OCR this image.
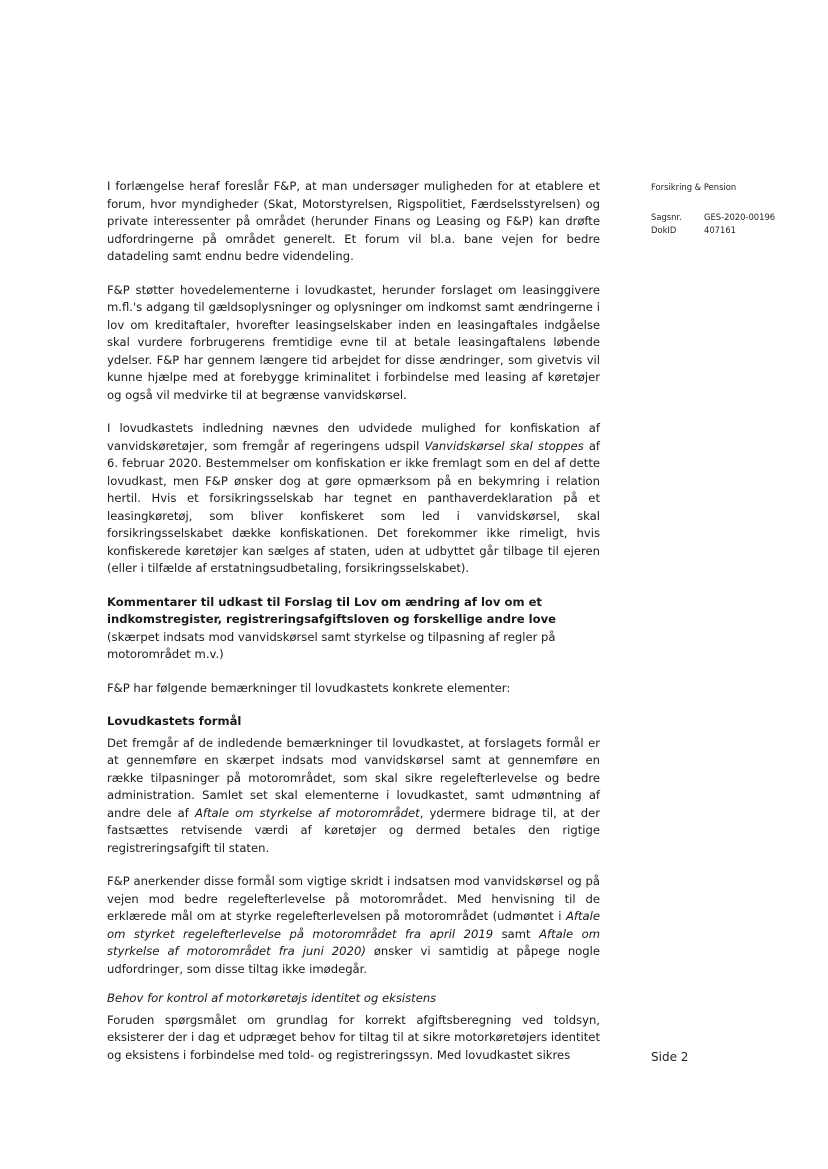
I forlængelse heraf foreslår F&P, at man undersøger muligheden for at etablere et forum, hvor myndigheder (Skat, Motorstyrelsen, Rigspolitiet, Færdselsstyrelsen) og private interessenter på området (herunder Finans og Leasing og F&P) kan drøfte udfordringerne på området generelt. Et forum vil bl.a. bane vejen for bedre datadeling samt endnu bedre videndeling.

F&P støtter hovedelementerne i lovudkastet, herunder forslaget om leasinggivere m.fl.'s adgang til gældsoplysninger og oplysninger om indkomst samt ændringerne i lov om kreditaftaler, hvorefter leasingselskaber inden en leasingaftales indgåelse skal vurdere forbrugerens fremtidige evne til at betale leasingaftalens løbende ydelser. F&P har gennem længere tid arbejdet for disse ændringer, som givetvis vil kunne hjælpe med at forebygge kriminalitet i forbindelse med leasing af køretøjer og også vil medvirke til at begrænse vanvidskørsel.

I lovudkastets indledning nævnes den udvidede mulighed for konfiskation af vanvidskøretøjer, som fremgår af regeringens udspil Vanvidskørsel skal stoppes af 6. februar 2020. Bestemmelser om konfiskation er ikke fremlagt som en del af dette lovudkast, men F&P ønsker dog at gøre opmærksom på en bekymring i relation hertil. Hvis et forsikringsselskab har tegnet en panthaverdeklaration på et leasingkøretøj, som bliver konfiskeret som led i vanvidskørsel, skal forsikringsselskabet dække konfiskationen. Det forekommer ikke rimeligt, hvis konfiskerede køretøjer kan sælges af staten, uden at udbyttet går tilbage til ejeren (eller i tilfælde af erstatningsudbetaling, forsikringsselskabet).

Kommentarer til udkast til Forslag til Lov om ændring af lov om et indkomstregister, registreringsafgiftsloven og forskellige andre love (skærpet indsats mod vanvidskørsel samt styrkelse og tilpasning af regler på motorområdet m.v.)

F&P har følgende bemærkninger til lovudkastets konkrete elementer:

Lovudkastets formål

Det fremgår af de indledende bemærkninger til lovudkastet, at forslagets formål er at gennemføre en skærpet indsats mod vanvidskørsel samt at gennemføre en række tilpasninger på motorområdet, som skal sikre regelefterlevelse og bedre administration. Samlet set skal elementerne i lovudkastet, samt udmøntning af andre dele af Aftale om styrkelse af motorområdet, ydermere bidrage til, at der fastsættes retvisende værdi af køretøjer og dermed betales den rigtige registreringsafgift til staten.

F&P anerkender disse formål som vigtige skridt i indsatsen mod vanvidskørsel og på vejen mod bedre regelefterlevelse på motorområdet. Med henvisning til de erklærede mål om at styrke regelefterlevelsen på motorområdet (udmøntet i Aftale om styrket regelefterlevelse på motorområdet fra april 2019 samt Aftale om styrkelse af motorområdet fra juni 2020) ønsker vi samtidig at påpege nogle udfordringer, som disse tiltag ikke imødegår.

Behov for kontrol af motorkøretøjs identitet og eksistens

Foruden spørgsmålet om grundlag for korrekt afgiftsberegning ved toldsyn, eksisterer der i dag et udpræget behov for tiltag til at sikre motorkøretøjers identitet og eksistens i forbindelse med told- og registreringssyn. Med lovudkastet sikres

Forsikring & Pension
Sagsnr.	GES-2020-00196
DokID	407161
Side 2
